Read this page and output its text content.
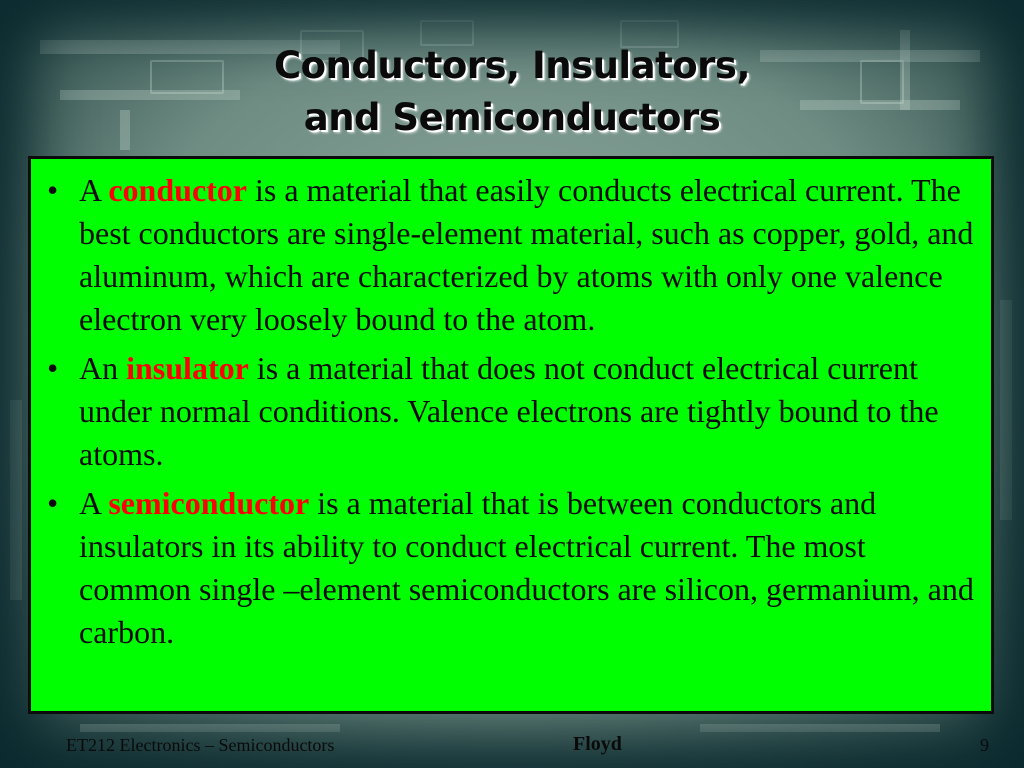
Conductors, Insulators,
and Semiconductors
• A conductor is a material that easily conducts electrical current. The best conductors are single-element material, such as copper, gold, and aluminum, which are characterized by atoms with only one valence electron very loosely bound to the atom.
• An insulator is a material that does not conduct electrical current under normal conditions. Valence electrons are tightly bound to the atoms.
• A semiconductor is a material that is between conductors and insulators in its ability to conduct electrical current. The most common single –element semiconductors are silicon, germanium, and carbon.
ET212 Electronics – Semiconductors	Floyd	9
